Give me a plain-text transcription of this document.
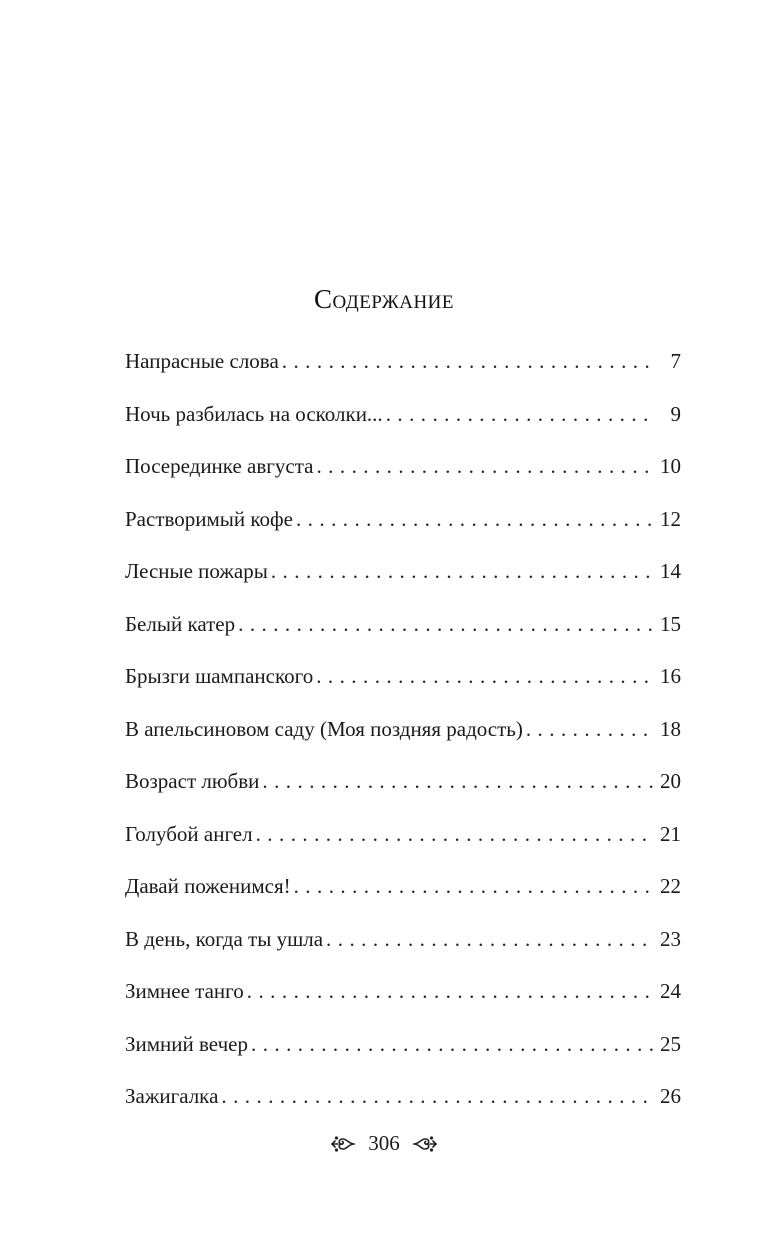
Содержание
Напрасные слова . . .	7
Ночь разбилась на осколки... . . .	9
Посерединке августа . . .	10
Растворимый кофе . . .	12
Лесные пожары . . .	14
Белый катер . . .	15
Брызги шампанского . . .	16
В апельсиновом саду (Моя поздняя радость) . . .	18
Возраст любви . . .	20
Голубой ангел . . .	21
Давай поженимся! . . .	22
В день, когда ты ушла . . .	23
Зимнее танго . . .	24
Зимний вечер . . .	25
Зажигалка . . .	26
306
